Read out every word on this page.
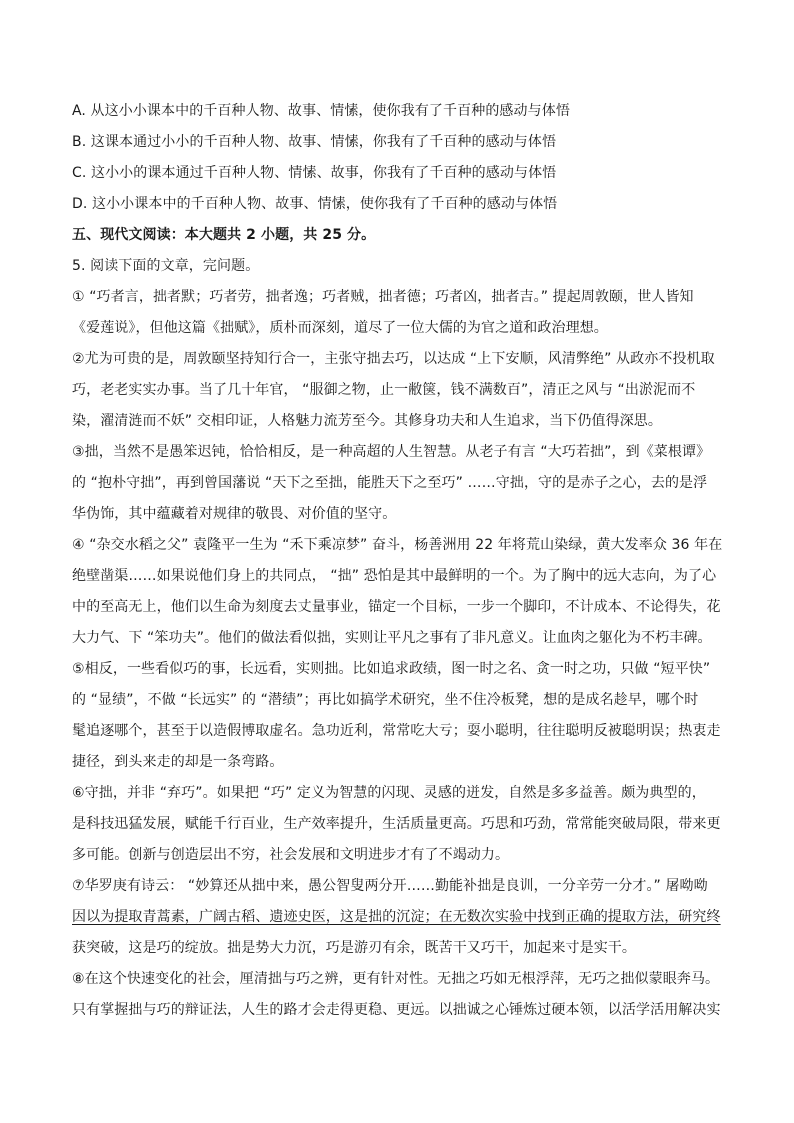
A. 从这小小课本中的千百种人物、故事、情愫，使你我有了千百种的感动与体悟
B. 这课本通过小小的千百种人物、故事、情愫，你我有了千百种的感动与体悟
C. 这小小的课本通过千百种人物、情愫、故事，你我有了千百种的感动与体悟
D. 这小小课本中的千百种人物、故事、情愫，使你我有了千百种的感动与体悟
五、现代文阅读：本大题共 2 小题，共 25 分。
5. 阅读下面的文章，完问题。
① “巧者言，拙者默；巧者劳，拙者逸；巧者贼，拙者德；巧者凶，拙者吉。” 提起周敦颐，世人皆知
《爱莲说》，但他这篇《拙赋》，质朴而深刻，道尽了一位大儒的为官之道和政治理想。
②尤为可贵的是，周敦颐坚持知行合一，主张守拙去巧，以达成 “上下安顺，风清弊绝” 从政亦不投机取
巧，老老实实办事。当了几十年官， “服御之物，止一敝箧，钱不满数百”，清正之风与 “出淤泥而不
染，濯清涟而不妖” 交相印证，人格魅力流芳至今。其修身功夫和人生追求，当下仍值得深思。
③拙，当然不是愚笨迟钝，恰恰相反，是一种高超的人生智慧。从老子有言 “大巧若拙”，到《菜根谭》
的 “抱朴守拙”，再到曾国藩说 “天下之至拙，能胜天下之至巧” ……守拙，守的是赤子之心，去的是浮
华伪饰，其中蕴藏着对规律的敬畏、对价值的坚守。
④ “杂交水稻之父” 袁隆平一生为 “禾下乘凉梦” 奋斗，杨善洲用 22 年将荒山染绿，黄大发率众 36 年在
绝壁凿渠……如果说他们身上的共同点， “拙” 恐怕是其中最鲜明的一个。为了胸中的远大志向，为了心
中的至高无上，他们以生命为刻度去丈量事业，锚定一个目标，一步一个脚印，不计成本、不论得失，花
大力气、下 “笨功夫”。他们的做法看似拙，实则让平凡之事有了非凡意义。让血肉之躯化为不朽丰碑。
⑤相反，一些看似巧的事，长远看，实则拙。比如追求政绩，图一时之名、贪一时之功，只做 “短平快”
的 “显绩”，不做 “长远实” 的 “潜绩”；再比如搞学术研究，坐不住冷板凳，想的是成名趁早，哪个时
髦追逐哪个，甚至于以造假博取虚名。急功近利，常常吃大亏；耍小聪明，往往聪明反被聪明误；热衷走
捷径，到头来走的却是一条弯路。
⑥守拙，并非 “弃巧”。如果把 “巧” 定义为智慧的闪现、灵感的迸发，自然是多多益善。颇为典型的，
是科技迅猛发展，赋能千行百业，生产效率提升，生活质量更高。巧思和巧劲，常常能突破局限，带来更
多可能。创新与创造层出不穷，社会发展和文明进步才有了不竭动力。
⑦华罗庚有诗云： “妙算还从拙中来，愚公智叟两分开……勤能补拙是良训，一分辛劳一分才。” 屠呦呦
因以为提取青蒿素，广阔古稻、遗迹史医，这是拙的沉淀；在无数次实验中找到正确的提取方法，研究终
获突破，这是巧的绽放。拙是势大力沉，巧是游刃有余，既苦干又巧干，加起来寸是实干。
⑧在这个快速变化的社会，厘清拙与巧之辨，更有针对性。无拙之巧如无根浮萍，无巧之拙似蒙眼奔马。
只有掌握拙与巧的辩证法，人生的路才会走得更稳、更远。以拙诚之心锤炼过硬本领，以活学活用解决实
